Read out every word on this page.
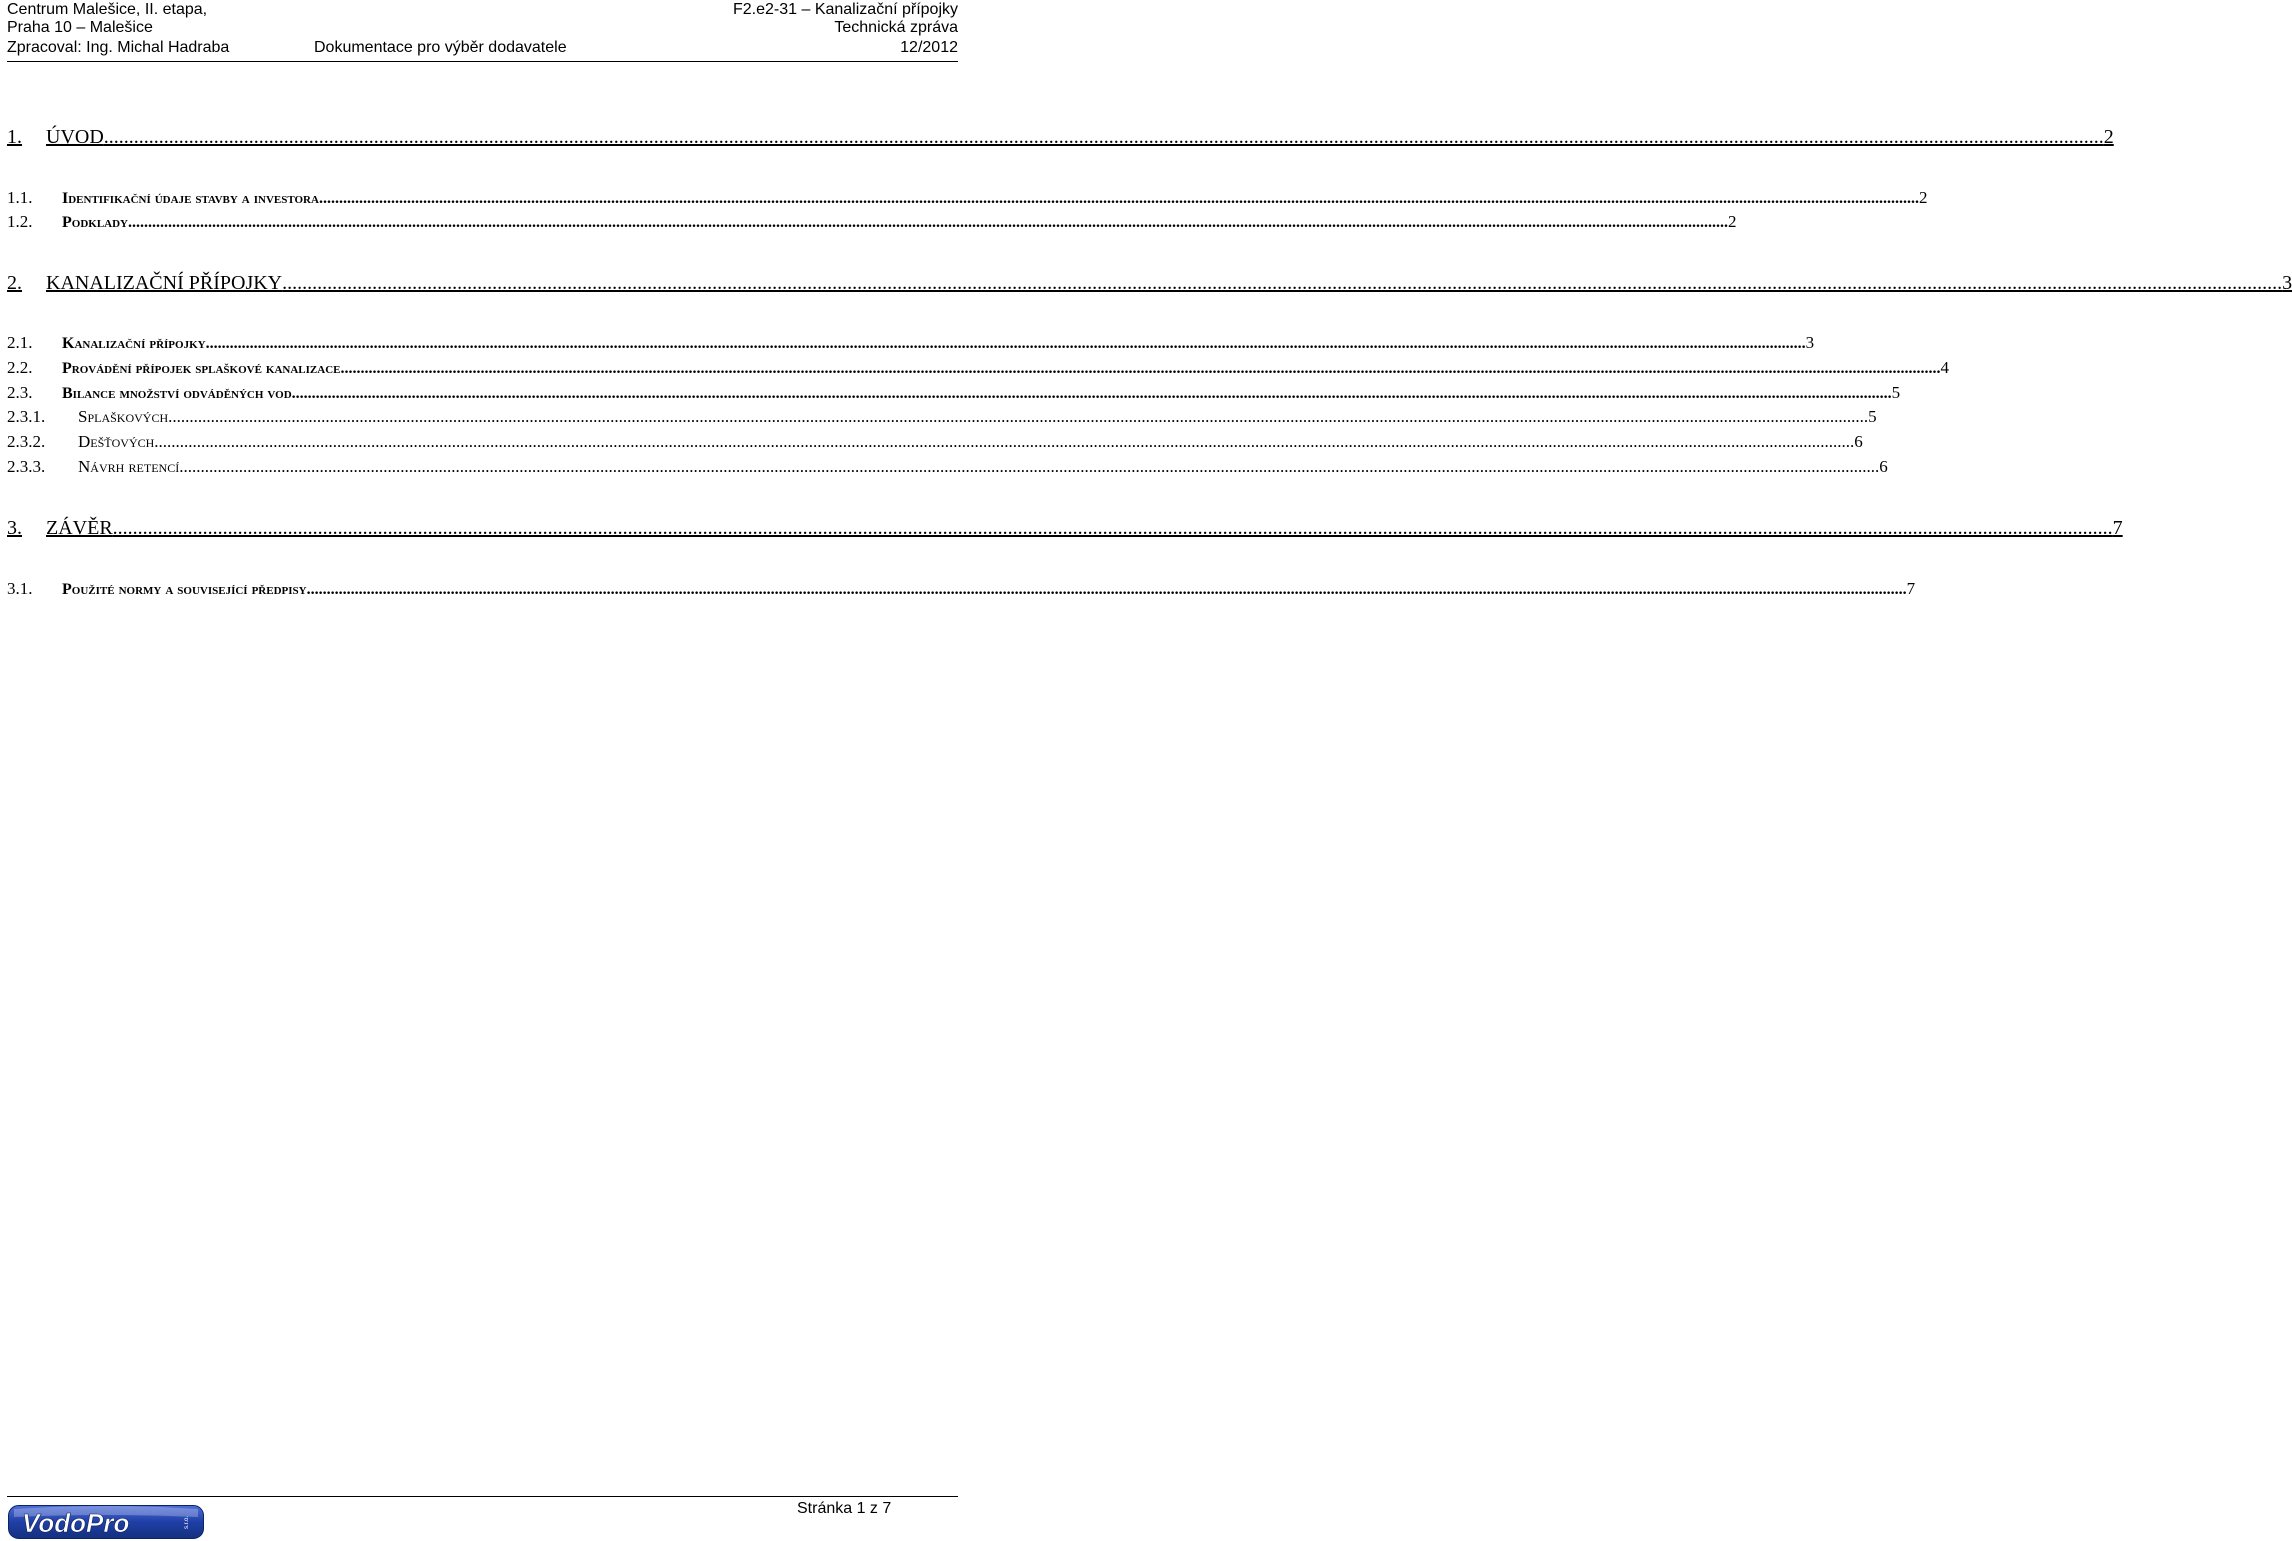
Centrum Malešice, II. etapa,
Praha 10 – Malešice
Zpracoval: Ing. Michal Hadraba	Dokumentace pro výběr dodavatele
F2.e2-31 – Kanalizační přípojky
Technická zpráva
12/2012
1.	ÚVOD ................................................................................................................................................................................................................................................................................................................................................................................................................ 2
1.1.	Identifikační údaje stavby a investora ................................................................................................................................................................................................................................................................................................................................................................................................................ 2
1.2.	Podklady ................................................................................................................................................................................................................................................................................................................................................................................................................ 2
2.	KANALIZAČNÍ PŘÍPOJKY ................................................................................................................................................................................................................................................................................................................................................................................................................ 3
2.1.	Kanalizační přípojky ................................................................................................................................................................................................................................................................................................................................................................................................................ 3
2.2.	Provádění přípojek splaškové kanalizace ................................................................................................................................................................................................................................................................................................................................................................................................................ 4
2.3.	Bilance množství odváděných vod ................................................................................................................................................................................................................................................................................................................................................................................................................ 5
2.3.1.	Splaškových ................................................................................................................................................................................................................................................................................................................................................................................................................ 5
2.3.2.	Dešťových ................................................................................................................................................................................................................................................................................................................................................................................................................ 6
2.3.3.	Návrh retencí ................................................................................................................................................................................................................................................................................................................................................................................................................ 6
3.	ZÁVĚR ................................................................................................................................................................................................................................................................................................................................................................................................................ 7
3.1.	Použité normy a související předpisy ................................................................................................................................................................................................................................................................................................................................................................................................................ 7
VodoPro	s.r.o.
Stránka 1 z 7
